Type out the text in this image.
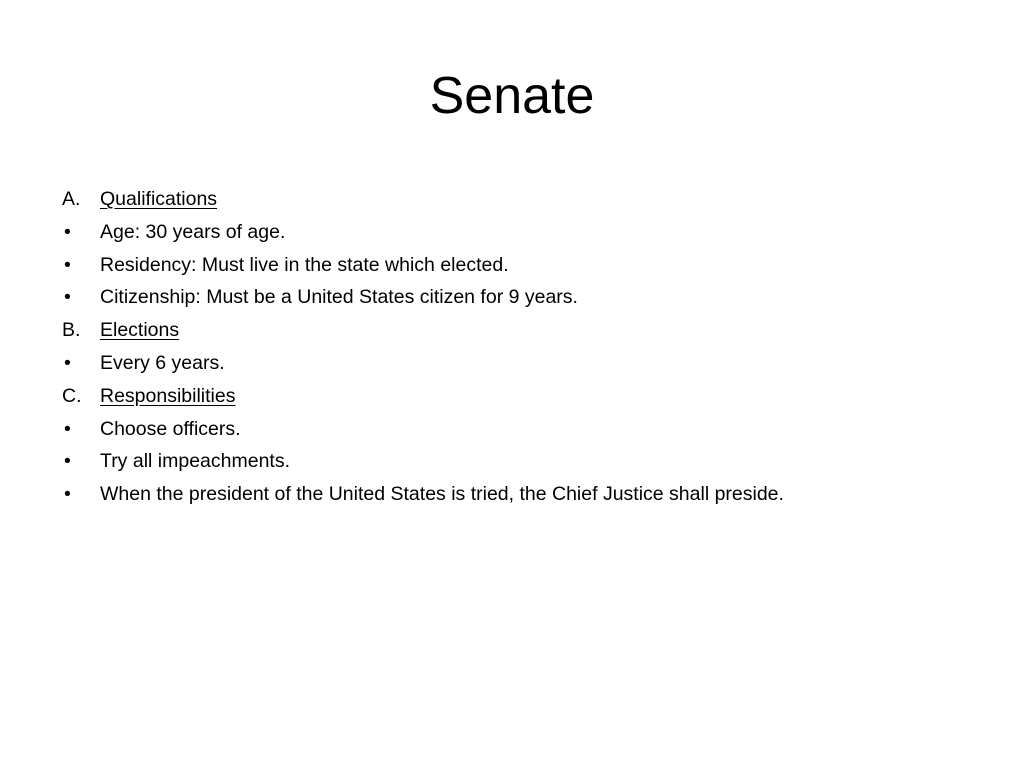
Senate
A. Qualifications
• Age: 30 years of age.
• Residency: Must live in the state which elected.
• Citizenship: Must be a United States citizen for 9 years.
B. Elections
• Every 6 years.
C. Responsibilities
• Choose officers.
• Try all impeachments.
• When the president of the United States is tried, the Chief Justice shall preside.
